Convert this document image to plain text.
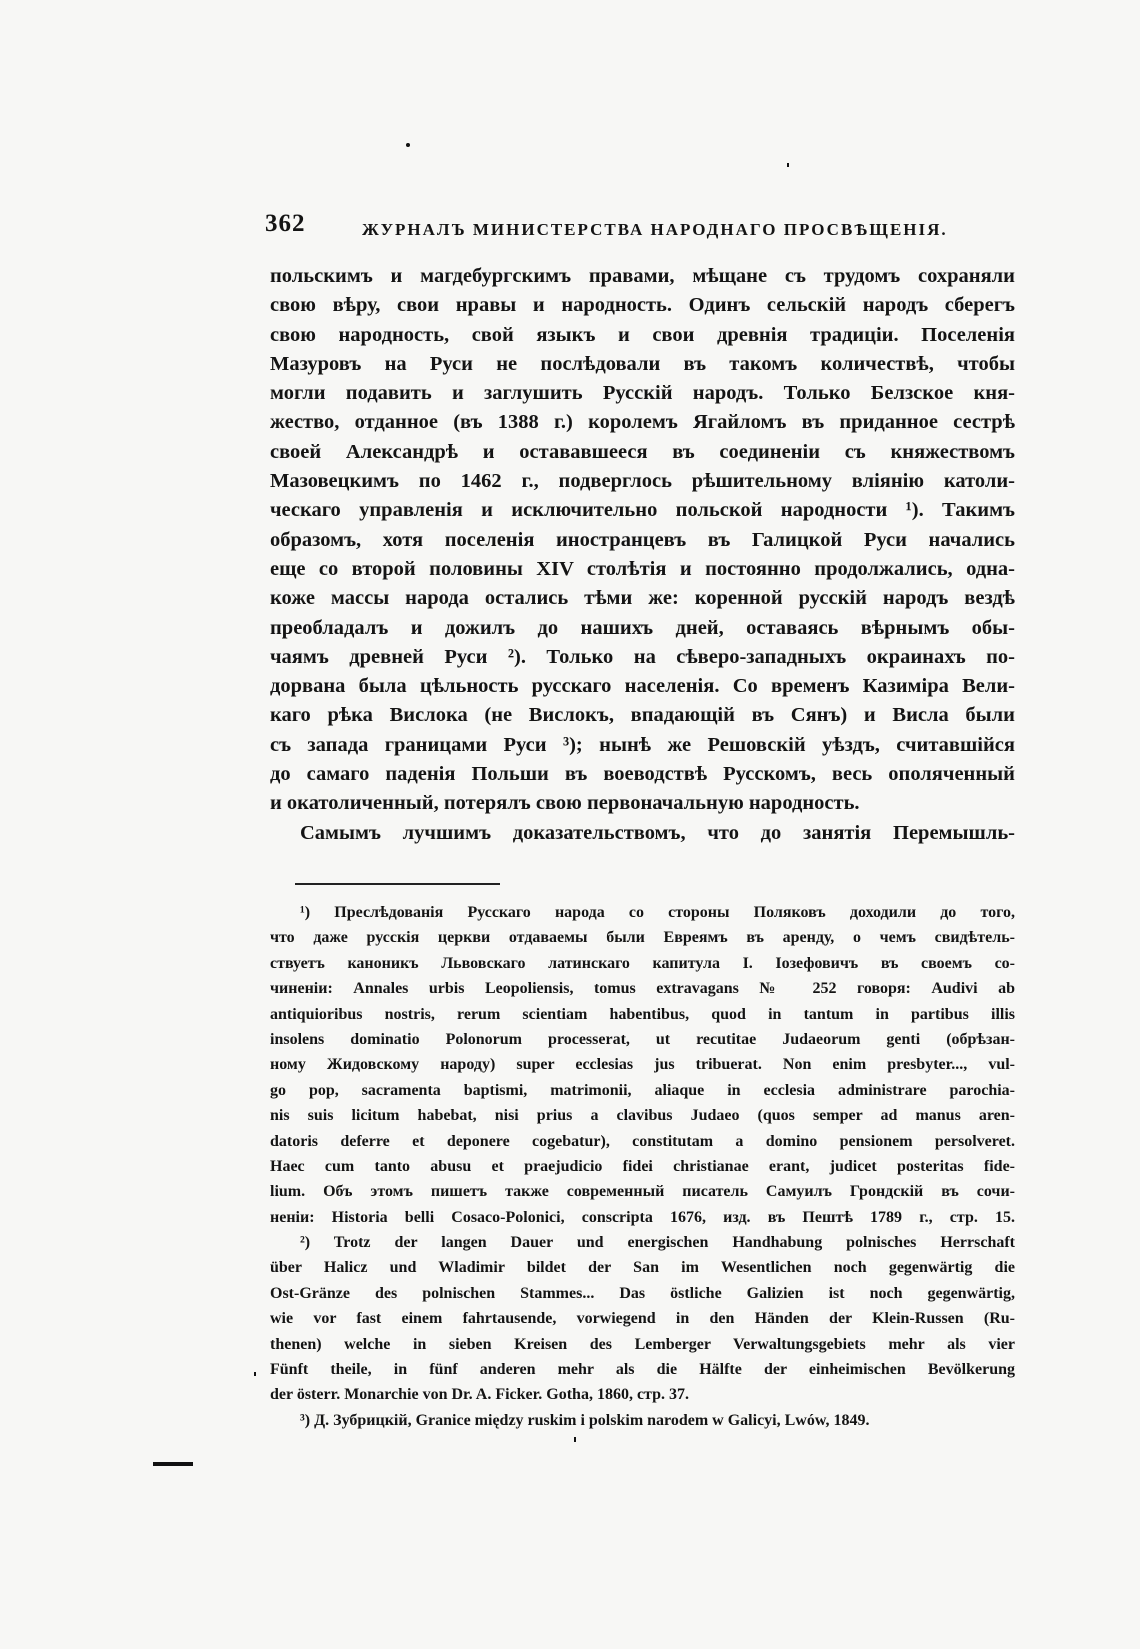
362	ЖУРНАЛЪ МИНИСТЕРСТВА НАРОДНАГО ПРОСВѢЩЕНІЯ.
польскимъ и магдебургскимъ правами, мѣщане съ трудомъ сохраняли
свою вѣру, свои нравы и народность. Одинъ сельскій народъ сберегъ
свою народность, свой языкъ и свои древнія традиціи. Поселенія
Мазуровъ на Руси не послѣдовали въ такомъ количествѣ, чтобы
могли подавить и заглушить Русскій народъ. Только Белзское кня-
жество, отданное (въ 1388 г.) королемъ Ягайломъ въ приданное сестрѣ
своей Александрѣ и остававшееся въ соединеніи съ княжествомъ
Мазовецкимъ по 1462 г., подверглось рѣшительному вліянію католи-
ческаго управленія и исключительно польской народности ¹). Такимъ
образомъ, хотя поселенія иностранцевъ въ Галицкой Руси начались
еще со второй половины XIV столѣтія и постоянно продолжались, одна-
коже массы народа остались тѣми же: коренной русскій народъ вездѣ
преобладалъ и дожилъ до нашихъ дней, оставаясь вѣрнымъ обы-
чаямъ древней Руси ²). Только на сѣверо-западныхъ окраинахъ по-
дорвана была цѣльность русскаго населенія. Со временъ Казиміра Вели-
каго рѣка Вислока (не Вислокъ, впадающій въ Сянъ) и Висла были
съ запада границами Руси ³); нынѣ же Решовскій уѣздъ, считавшійся
до самаго паденія Польши въ воеводствѣ Русскомъ, весь ополяченный
и окатоличенный, потерялъ свою первоначальную народность.
Самымъ лучшимъ доказательствомъ, что до занятія Перемышль-
¹) Преслѣдованія Русскаго народа со стороны Поляковъ доходили до того,
что даже русскія церкви отдаваемы были Евреямъ въ аренду, о чемъ свидѣтель-
ствуетъ каноникъ Львовскаго латинскаго капитула І. Іозефовичъ въ своемъ со-
чиненіи: Annales urbis Leopoliensis, tomus extravagans № 252 говоря: Audivi ab
antiquioribus nostris, rerum scientiam habentibus, quod in tantum in partibus illis
insolens dominatio Polonorum processerat, ut recutitae Judaeorum genti (обрѣзан-
ному Жидовскому народу) super ecclesias jus tribuerat. Non enim presbyter..., vul-
go pop, sacramenta baptismi, matrimonii, aliaque in ecclesia administrare parochia-
nis suis licitum habebat, nisi prius a clavibus Judaeo (quos semper ad manus aren-
datoris deferre et deponere cogebatur), constitutam a domino pensionem persolveret.
Haec cum tanto abusu et praejudicio fidei christianae erant, judicet posteritas fide-
lium. Объ этомъ пишетъ также современный писатель Самуилъ Грондскій въ сочи-
неніи: Historia belli Cosaco-Polonici, conscripta 1676, изд. въ Пештѣ 1789 г., стр. 15.
²) Trotz der langen Dauer und energischen Handhabung polnisches Herrschaft
über Halicz und Wladimir bildet der San im Wesentlichen noch gegenwärtig die
Ost-Gränze des polnischen Stammes... Das östliche Galizien ist noch gegenwärtig,
wie vor fast einem fahrtausende, vorwiegend in den Händen der Klein-Russen (Ru-
thenen) welche in sieben Kreisen des Lemberger Verwaltungsgebiets mehr als vier
Fünft theile, in fünf anderen mehr als die Hälfte der einheimischen Bevölkerung
der österr. Monarchie von Dr. A. Ficker. Gotha, 1860, стр. 37.
³) Д. Зубрицкій, Granice między ruskim i polskim narodem w Galicyi, Lwów, 1849.
